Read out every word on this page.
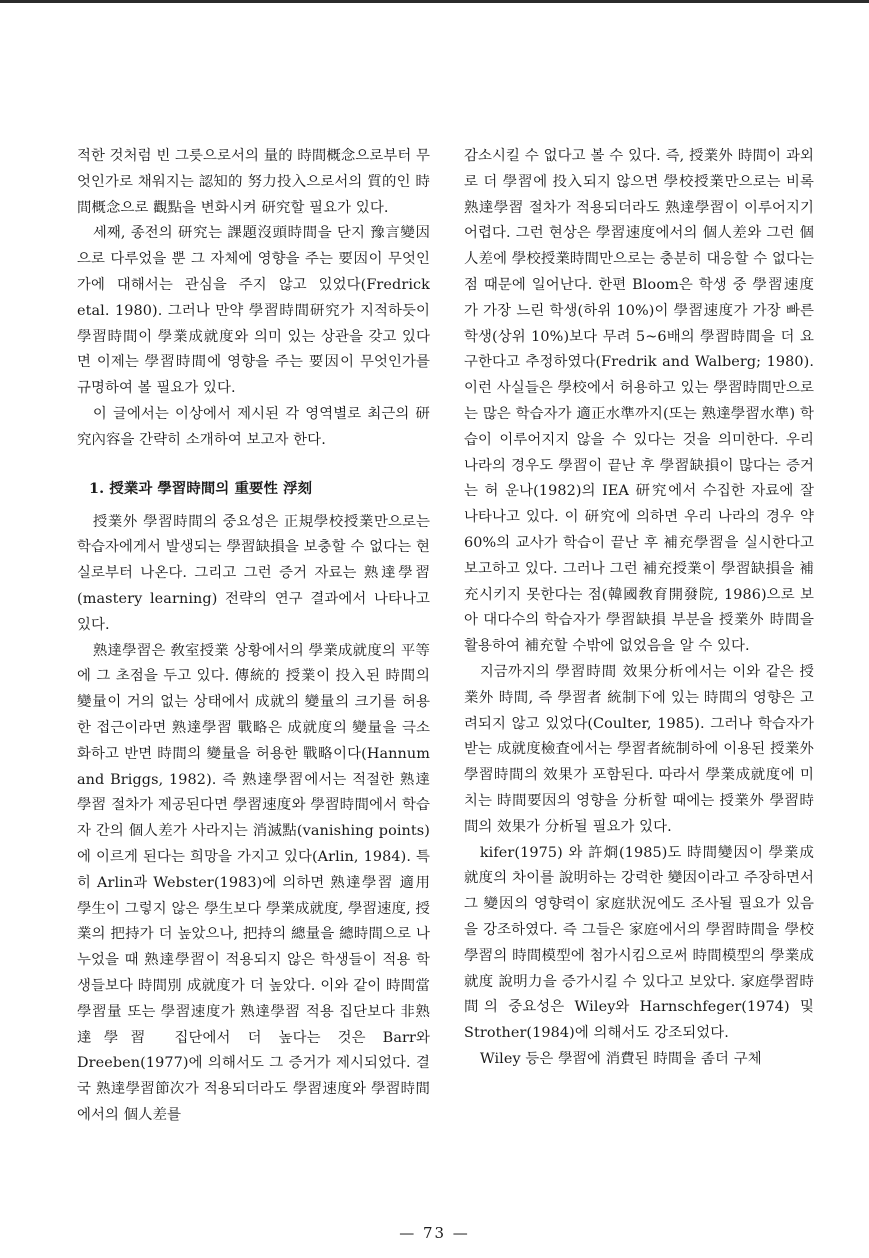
적한 것처럼 빈 그릇으로서의 量的 時間概念으로부터 무엇인가로 채워지는 認知的 努力投入으로서의 質的인 時間概念으로 觀點을 변화시켜 研究할 필요가 있다.

세째, 종전의 研究는 課題沒頭時間을 단지 豫言變因으로 다루었을 뿐 그 자체에 영향을 주는 要因이 무엇인가에 대해서는 관심을 주지 않고 있었다(Fredrick etal. 1980). 그러나 만약 學習時間研究가 지적하듯이 學習時間이 學業成就度와 의미 있는 상관을 갖고 있다면 이제는 學習時間에 영향을 주는 要因이 무엇인가를 규명하여 볼 필요가 있다.

이 글에서는 이상에서 제시된 각 영역별로 최근의 研究內容을 간략히 소개하여 보고자 한다.

1. 授業과 學習時間의 重要性 浮刻

授業外 學習時間의 중요성은 正規學校授業만으로는 학습자에게서 발생되는 學習缺損을 보충할 수 없다는 현실로부터 나온다. 그리고 그런 증거 자료는 熟達學習(mastery learning) 전략의 연구 결과에서 나타나고 있다.

熟達學習은 敎室授業 상황에서의 學業成就度의 平等에 그 초점을 두고 있다. 傳統的 授業이 投入된 時間의 變量이 거의 없는 상태에서 成就의 變量의 크기를 허용한 접근이라면 熟達學習 戰略은 成就度의 變量을 극소화하고 반면 時間의 變量을 허용한 戰略이다(Hannum and Briggs, 1982). 즉 熟達學習에서는 적절한 熟達學習 절차가 제공된다면 學習速度와 學習時間에서 학습자 간의 個人差가 사라지는 消滅點(vanishing points)에 이르게 된다는 희망을 가지고 있다(Arlin, 1984). 특히 Arlin과 Webster(1983)에 의하면 熟達學習 適用學生이 그렇지 않은 學生보다 學業成就度, 學習速度, 授業의 把持가 더 높았으나, 把持의 總量을 總時間으로 나누었을 때 熟達學習이 적용되지 않은 학생들이 적용 학생들보다 時間別 成就度가 더 높았다. 이와 같이 時間當 學習量 또는 學習速度가 熟達學習 적용 집단보다 非熟達學習 집단에서 더 높다는 것은 Barr와 Dreeben(1977)에 의해서도 그 증거가 제시되었다. 결국 熟達學習節次가 적용되더라도 學習速度와 學習時間에서의 個人差를

감소시킬 수 없다고 볼 수 있다. 즉, 授業外 時間이 과외로 더 學習에 投入되지 않으면 學校授業만으로는 비록 熟達學習 절차가 적용되더라도 熟達學習이 이루어지기 어렵다. 그런 현상은 學習速度에서의 個人差와 그런 個人差에 學校授業時間만으로는 충분히 대응할 수 없다는 점 때문에 일어난다. 한편 Bloom은 학생 중 學習速度가 가장 느린 학생(하위 10%)이 學習速度가 가장 빠른 학생(상위 10%)보다 무려 5~6배의 學習時間을 더 요구한다고 추정하였다(Fredrik and Walberg; 1980). 이런 사실들은 學校에서 허용하고 있는 學習時間만으로는 많은 학습자가 適正水準까지(또는 熟達學習水準) 학습이 이루어지지 않을 수 있다는 것을 의미한다. 우리 나라의 경우도 學習이 끝난 후 學習缺損이 많다는 증거는 허 운나(1982)의 IEA 研究에서 수집한 자료에 잘 나타나고 있다. 이 研究에 의하면 우리 나라의 경우 약 60%의 교사가 학습이 끝난 후 補充學習을 실시한다고 보고하고 있다. 그러나 그런 補充授業이 學習缺損을 補充시키지 못한다는 점(韓國敎育開發院, 1986)으로 보아 대다수의 학습자가 學習缺損 부분을 授業外 時間을 활용하여 補充할 수밖에 없었음을 알 수 있다.

지금까지의 學習時間 效果分析에서는 이와 같은 授業外 時間, 즉 學習者 統制下에 있는 時間의 영향은 고려되지 않고 있었다(Coulter, 1985). 그러나 학습자가 받는 成就度檢査에서는 學習者統制하에 이용된 授業外 學習時間의 效果가 포함된다. 따라서 學業成就度에 미치는 時間要因의 영향을 分析할 때에는 授業外 學習時間의 效果가 分析될 필요가 있다.

kifer(1975) 와 許烱(1985)도 時間變因이 學業成就度의 차이를 說明하는 강력한 變因이라고 주장하면서 그 變因의 영향력이 家庭狀況에도 조사될 필요가 있음을 강조하였다. 즉 그들은 家庭에서의 學習時間을 學校學習의 時間模型에 첨가시킴으로써 時間模型의 學業成就度 說明力을 증가시킬 수 있다고 보았다. 家庭學習時間의 중요성은 Wiley와 Harnschfeger(1974) 및 Strother(1984)에 의해서도 강조되었다.

Wiley 등은 學習에 消費된 時間을 좀더 구체

— 73 —
